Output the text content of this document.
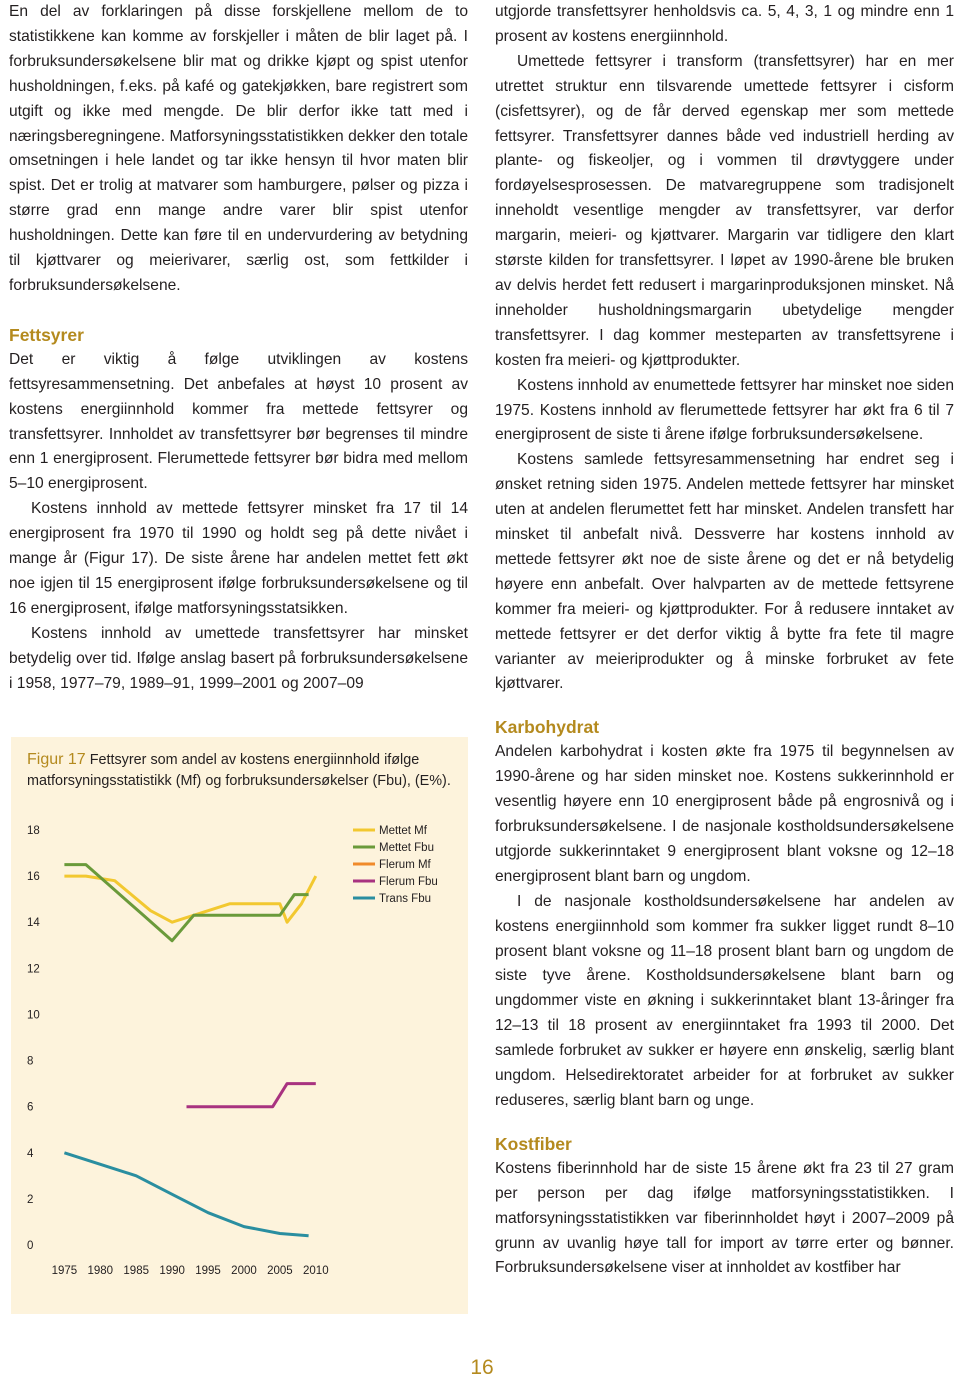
En del av forklaringen på disse forskjellene mellom de to statistikkene kan komme av forskjeller i måten de blir laget på. I forbruksundersøkelsene blir mat og drikke kjøpt og spist utenfor husholdningen, f.eks. på kafé og gatekjøkken, bare registrert som utgift og ikke med mengde. De blir derfor ikke tatt med i næringsberegningene. Matforsyningsstatistikken dekker den totale omsetningen i hele landet og tar ikke hensyn til hvor maten blir spist. Det er trolig at matvarer som hamburgere, pølser og pizza i større grad enn mange andre varer blir spist utenfor husholdningen. Dette kan føre til en undervurdering av betydning til kjøttvarer og meierivarer, særlig ost, som fettkilder i forbruksundersøkelsene.

Fettsyrer

Det er viktig å følge utviklingen av kostens fettsyresammensetning. Det anbefales at høyst 10 prosent av kostens energiinnhold kommer fra mettede fettsyrer og transfettsyrer. Innholdet av transfettsyrer bør begrenses til mindre enn 1 energiprosent. Flerumettede fettsyrer bør bidra med mellom 5–10 energiprosent.

Kostens innhold av mettede fettsyrer minsket fra 17 til 14 energiprosent fra 1970 til 1990 og holdt seg på dette nivået i mange år (Figur 17). De siste årene har andelen mettet fett økt noe igjen til 15 energiprosent ifølge forbruksundersøkelsene og til 16 energiprosent, ifølge matforsyningsstatsikken.

Kostens innhold av umettede transfettsyrer har minsket betydelig over tid. Ifølge anslag basert på forbruksundersøkelsene i 1958, 1977–79, 1989–91, 1999–2001 og 2007–09

Figur 17 Fettsyrer som andel av kostens energiinnhold ifølge matforsyningsstatistikk (Mf) og forbruksundersøkelser (Fbu), (E%).
0
2
4
6
8
10
12
14
16
18
1975 1980 1985 1990 1995 2000 2005 2010
Mettet Mf
Mettet Fbu
Flerum Mf
Flerum Fbu
Trans Fbu

utgjorde transfettsyrer henholdsvis ca. 5, 4, 3, 1 og mindre enn 1 prosent av kostens energiinnhold.

Umettede fettsyrer i transform (transfettsyrer) har en mer utrettet struktur enn tilsvarende umettede fettsyrer i cisform (cisfettsyrer), og de får derved egenskap mer som mettede fettsyrer. Transfettsyrer dannes både ved industriell herding av plante- og fiskeoljer, og i vommen til drøvtyggere under fordøyelsesprosessen. De matvaregruppene som tradisjonelt inneholdt vesentlige mengder av transfettsyrer, var derfor margarin, meieri- og kjøttvarer. Margarin var tidligere den klart største kilden for transfettsyrer. I løpet av 1990-årene ble bruken av delvis herdet fett redusert i margarinproduksjonen minsket. Nå inneholder husholdningsmargarin ubetydelige mengder transfettsyrer. I dag kommer mesteparten av transfettsyrene i kosten fra meieri- og kjøttprodukter.

Kostens innhold av enumettede fettsyrer har minsket noe siden 1975. Kostens innhold av flerumettede fettsyrer har økt fra 6 til 7 energiprosent de siste ti årene ifølge forbruksundersøkelsene.

Kostens samlede fettsyresammensetning har endret seg i ønsket retning siden 1975. Andelen mettede fettsyrer har minsket uten at andelen flerumettet fett har minsket. Andelen transfett har minsket til anbefalt nivå. Dessverre har kostens innhold av mettede fettsyrer økt noe de siste årene og det er nå betydelig høyere enn anbefalt. Over halvparten av de mettede fettsyrene kommer fra meieri- og kjøttprodukter. For å redusere inntaket av mettede fettsyrer er det derfor viktig å bytte fra fete til magre varianter av meieriprodukter og å minske forbruket av fete kjøttvarer.

Karbohydrat

Andelen karbohydrat i kosten økte fra 1975 til begynnelsen av 1990-årene og har siden minsket noe. Kostens sukkerinnhold er vesentlig høyere enn 10 energiprosent både på engrosnivå og i forbruksundersøkelsene. I de nasjonale kostholdsundersøkelsene utgjorde sukkerinntaket 9 energiprosent blant voksne og 12–18 energiprosent blant barn og ungdom.

I de nasjonale kostholdsundersøkelsene har andelen av kostens energiinnhold som kommer fra sukker ligget rundt 8–10 prosent blant voksne og 11–18 prosent blant barn og ungdom de siste tyve årene. Kostholdsundersøkelsene blant barn og ungdommer viste en økning i sukkerinntaket blant 13-åringer fra 12–13 til 18 prosent av energiinntaket fra 1993 til 2000. Det samlede forbruket av sukker er høyere enn ønskelig, særlig blant ungdom. Helsedirektoratet arbeider for at forbruket av sukker reduseres, særlig blant barn og unge.

Kostfiber

Kostens fiberinnhold har de siste 15 årene økt fra 23 til 27 gram per person per dag ifølge matforsyningsstatistikken. I matforsyningsstatistikken var fiberinnholdet høyt i 2007–2009 på grunn av uvanlig høye tall for import av tørre erter og bønner. Forbruksundersøkelsene viser at innholdet av kostfiber har

16
